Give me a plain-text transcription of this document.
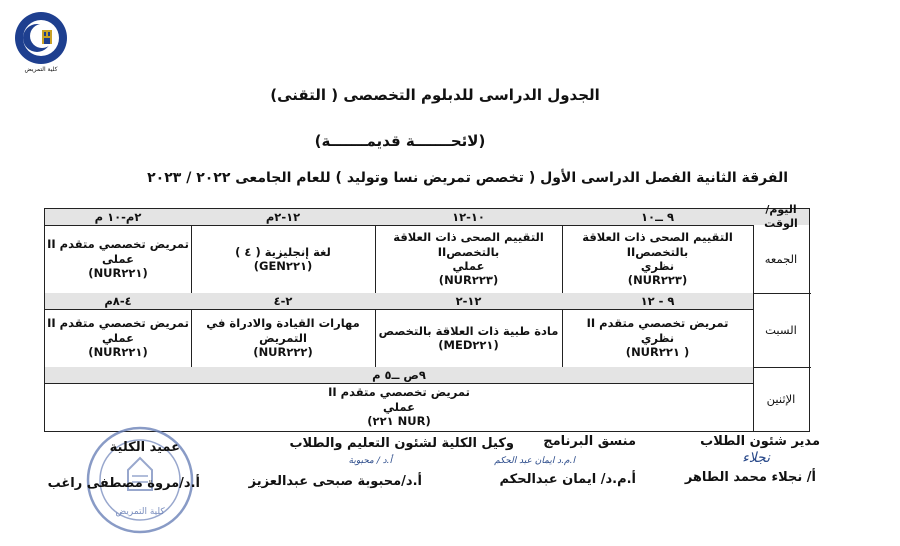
كلية التمريض
الجدول الدراسى للدبلوم التخصصى ( التقنى)
(لائحـــــــة قديمـــــــة)
الفرقة الثانية الفصل الدراسى الأول ( تخصص تمريض نسا وتوليد ) للعام الجامعى ٢٠٢٢ / ٢٠٢٣
اليوم/الوقت
الجمعه
٩ ــ١٠
١٠-١٢
١٢-٢م
٢م-١٠ م
التقييم الصحى ذات العلاقة بالتخصصII
نظري
(NUR٢٢٣)
التقييم الصحى ذات العلاقة بالتخصصII
عملي
(NUR٢٢٣)
لغة إنجليزية ( ٤ )
(GEN٢٢١)
تمريض تخصصي متقدم II
عملى
(NUR٢٢١)
السبت
٩ - ١٢
١٢-٢
٢-٤
٤-٨م
تمريض تخصصي متقدم II
نظري
( NUR٢٢١)
مادة طبية ذات العلاقة بالتخصص
(MED٢٢١)
مهارات القيادة والادراة في التمريض
(NUR٢٢٢)
تمريض تخصصي متقدم II
عملي
(NUR٢٢١)
الإثنين
٩ص ــ٥ م
تمريض تخصصي متقدم II
عملي
(NUR ٢٢١)
كلية التمريض
مدير شئون الطلاب
منسق البرنامج
وكيل الكلية لشئون التعليم والطلاب
عميد الكلية
نجلاء
ا.م.د ايمان عبد الحكم
أ.د / محبوبة
أ/ نجلاء محمد الطاهر
أ.م.د/ ايمان عبدالحكم
أ.د/محبوبة صبحى عبدالعزيز
أ.د/مروة مصطفى راغب
